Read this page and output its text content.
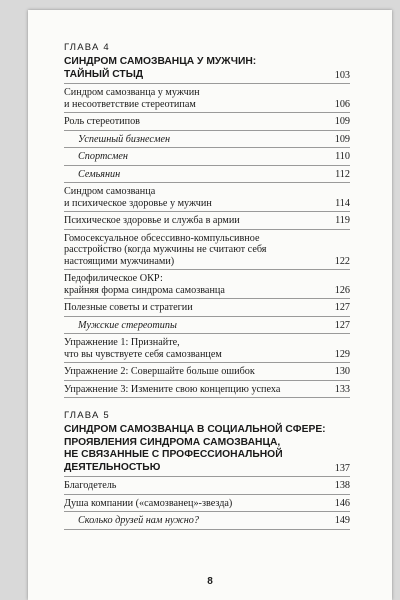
ГЛАВА 4
СИНДРОМ САМОЗВАНЦА У МУЖЧИН:
ТАЙНЫЙ СТЫД	103
Синдром самозванца у мужчин
и несоответствие стереотипам	106
Роль стереотипов	109
Успешный бизнесмен	109
Спортсмен	110
Семьянин	112
Синдром самозванца
и психическое здоровье у мужчин	114
Психическое здоровье и служба в армии	119
Гомосексуальное обсессивно-компульсивное
расстройство (когда мужчины не считают себя
настоящими мужчинами)	122
Педофилическое ОКР:
крайняя форма синдрома самозванца	126
Полезные советы и стратегии	127
Мужские стереотипы	127
Упражнение 1: Признайте,
что вы чувствуете себя самозванцем	129
Упражнение 2: Совершайте больше ошибок	130
Упражнение 3: Измените свою концепцию успеха	133
ГЛАВА 5
СИНДРОМ САМОЗВАНЦА В СОЦИАЛЬНОЙ СФЕРЕ:
ПРОЯВЛЕНИЯ СИНДРОМА САМОЗВАНЦА,
НЕ СВЯЗАННЫЕ С ПРОФЕССИОНАЛЬНОЙ
ДЕЯТЕЛЬНОСТЬЮ	137
Благодетель	138
Душа компании («самозванец»-звезда)	146
Сколько друзей нам нужно?	149
8
